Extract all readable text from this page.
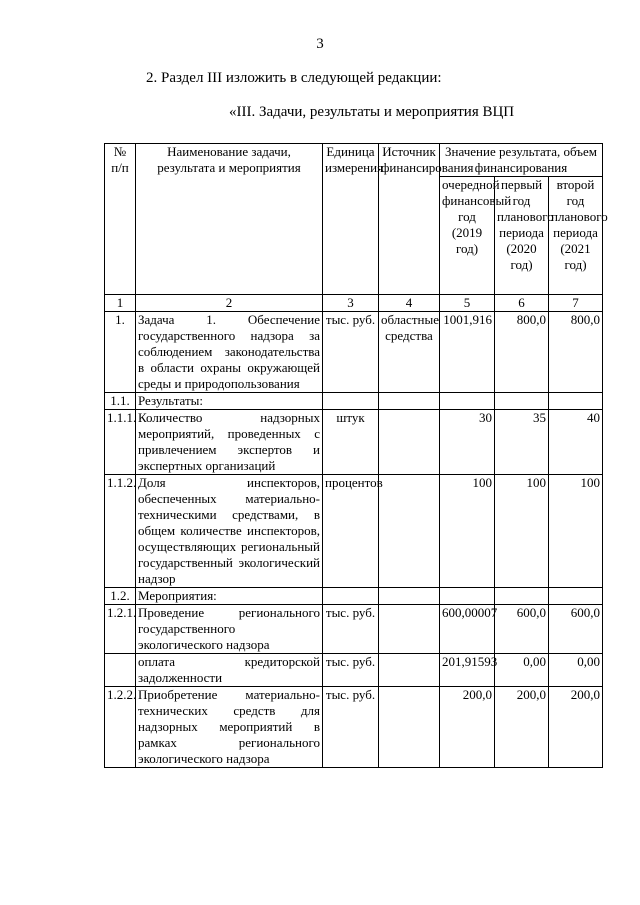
3
2. Раздел III изложить в следующей редакции:
«III. Задачи, результаты и мероприятия ВЦП
№ п/п	Наименование задачи, результата и мероприятия	Единица измерения	Источник финансирования	Значение результата, объем финансирования		
				очередной финансовый год (2019 год)	первый год планового периода (2020 год)	второй год планового периода (2021 год)
1	2	3	4	5	6	7
1.	Задача 1. Обеспечение государственного надзора за соблюдением законодательства в области охраны окружающей среды и природопользования	тыс. руб.	областные средства	1001,916	800,0	800,0
1.1.	Результаты:					
1.1.1.	Количество надзорных мероприятий, проведенных с привлечением экспертов и экспертных организаций	штук		30	35	40
1.1.2.	Доля инспекторов, обеспеченных материально-техническими средствами, в общем количестве инспекторов, осуществляющих региональный государственный экологический надзор	процентов		100	100	100
1.2.	Мероприятия:					
1.2.1.	Проведение регионального государственного экологического надзора	тыс. руб.		600,00007	600,0	600,0
	оплата кредиторской задолженности	тыс. руб.		201,91593	0,00	0,00
1.2.2.	Приобретение материально-технических средств для надзорных мероприятий в рамках регионального экологического надзора	тыс. руб.		200,0	200,0	200,0
